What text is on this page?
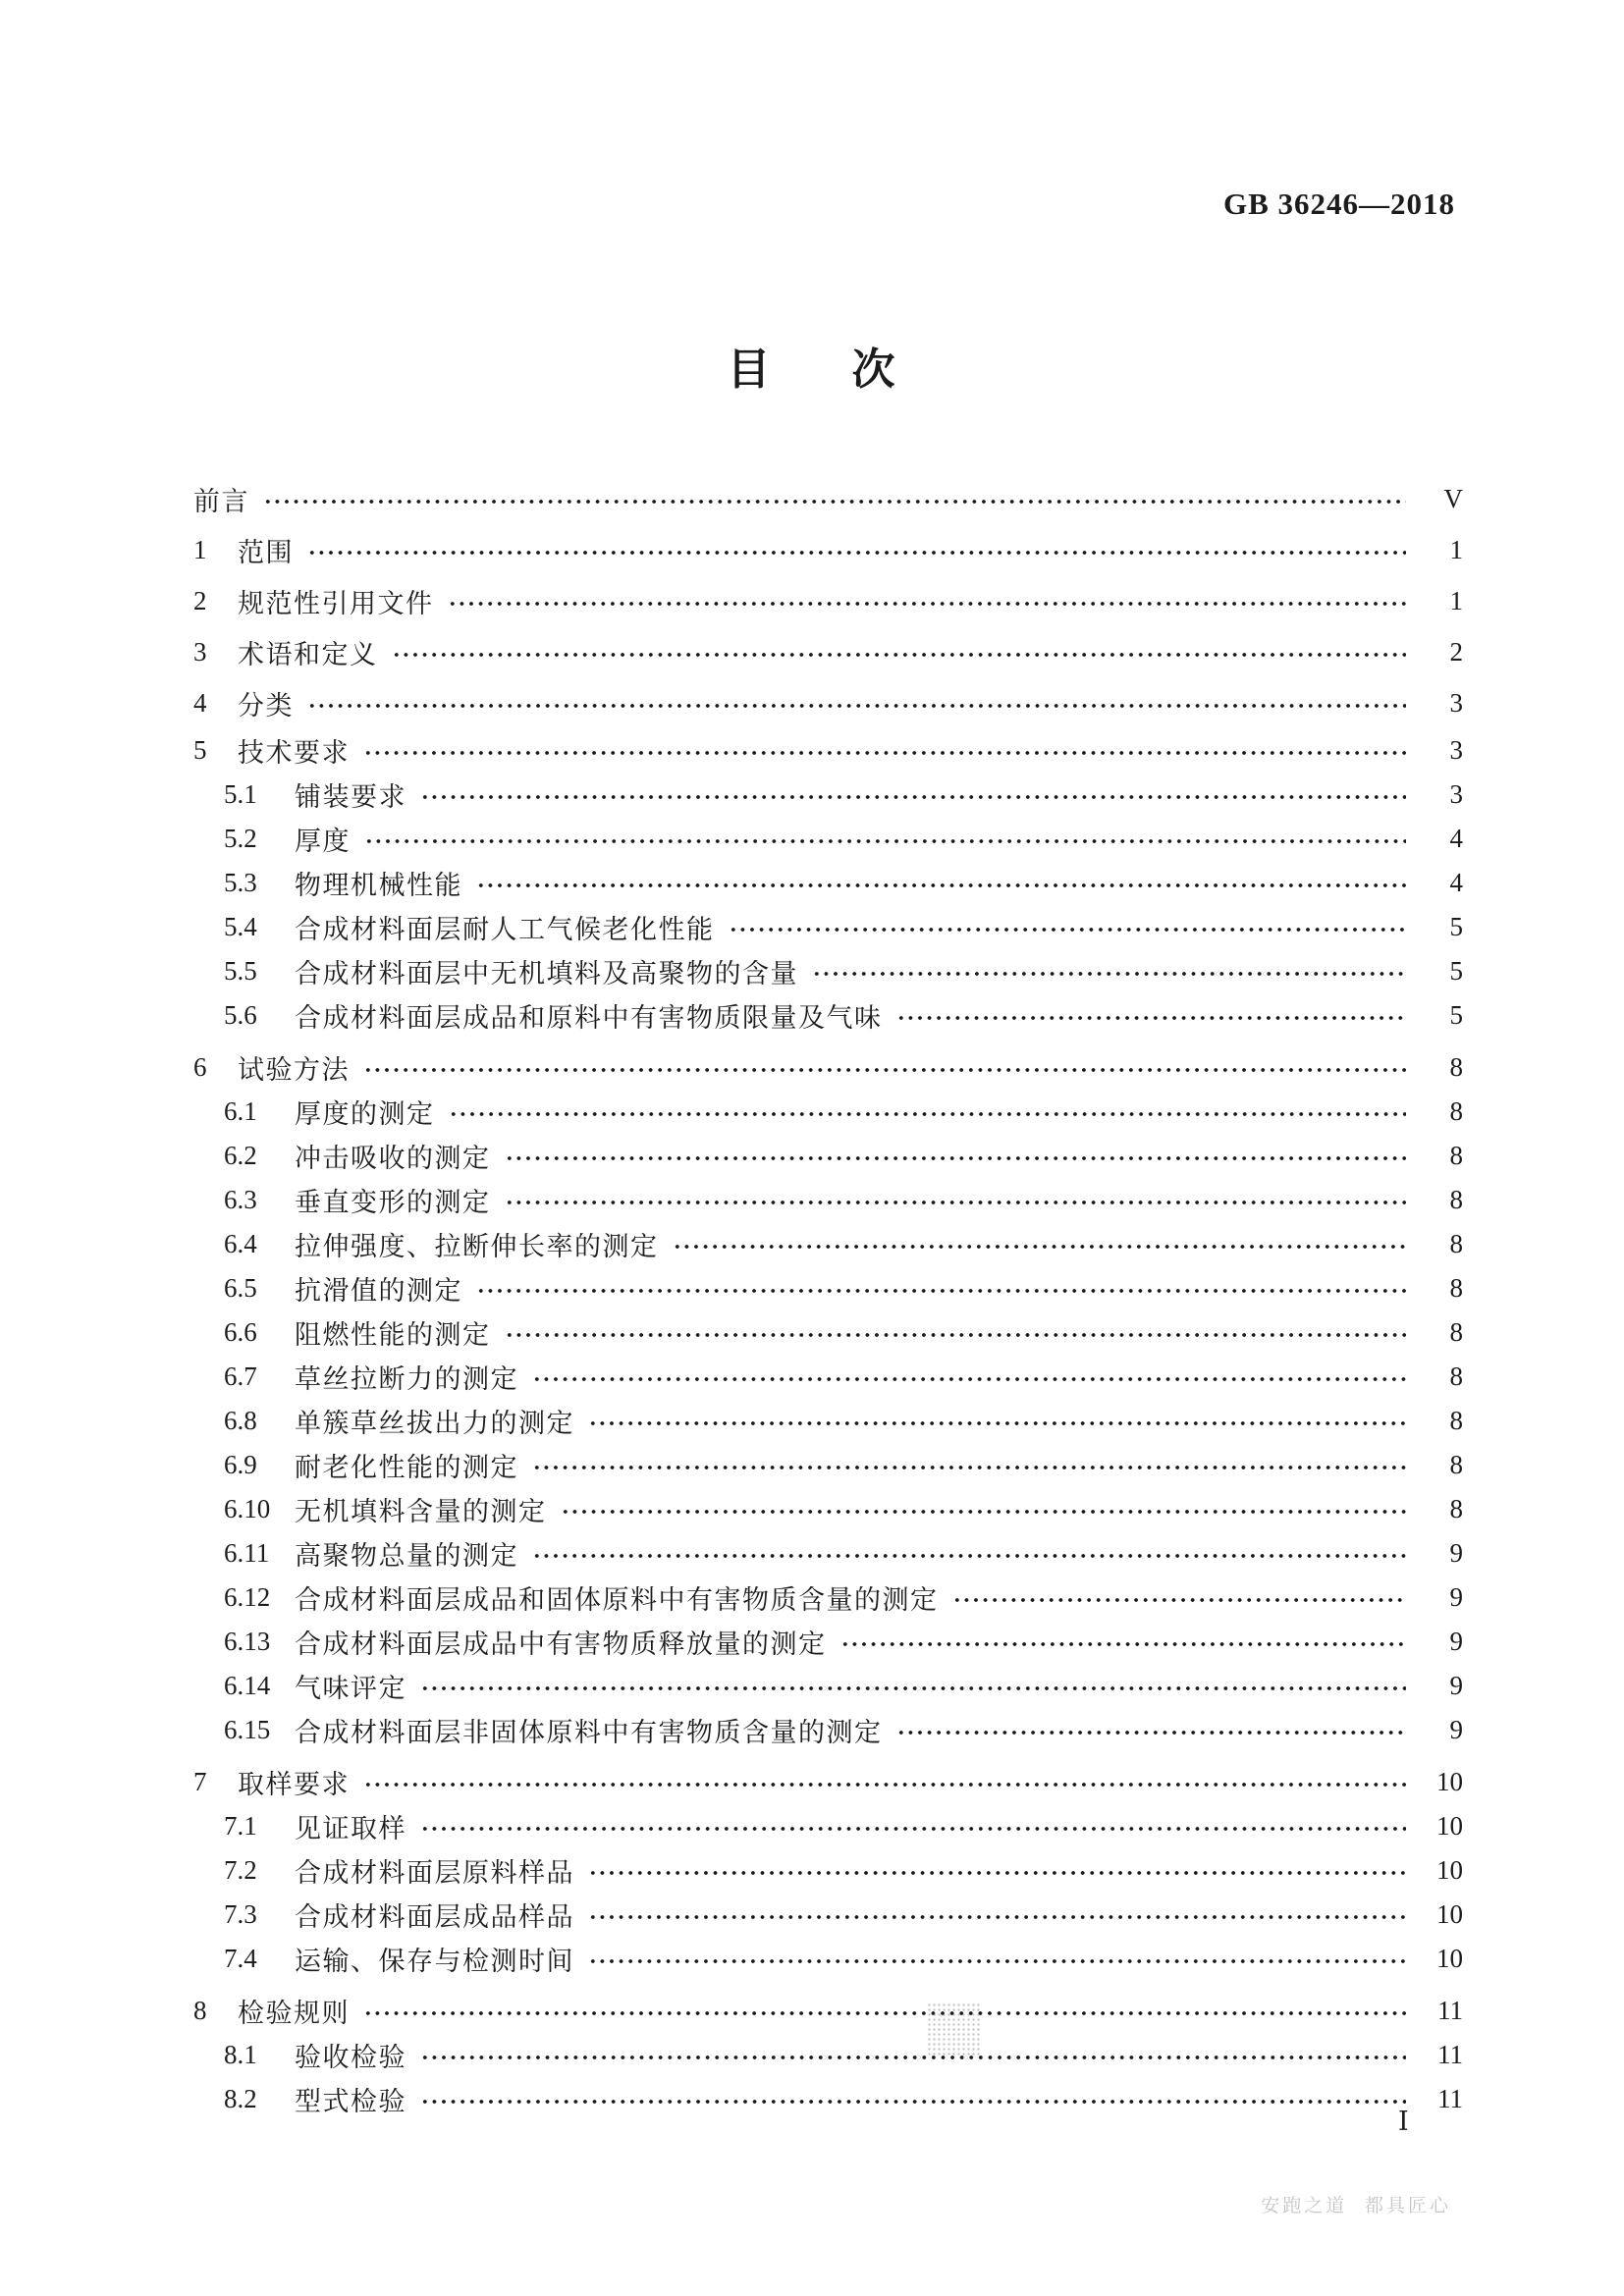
GB 36246—2018
目 次
前言	V
1	范围	1
2	规范性引用文件	1
3	术语和定义	2
4	分类	3
5	技术要求	3
5.1	铺装要求	3
5.2	厚度	4
5.3	物理机械性能	4
5.4	合成材料面层耐人工气候老化性能	5
5.5	合成材料面层中无机填料及高聚物的含量	5
5.6	合成材料面层成品和原料中有害物质限量及气味	5
6	试验方法	8
6.1	厚度的测定	8
6.2	冲击吸收的测定	8
6.3	垂直变形的测定	8
6.4	拉伸强度、拉断伸长率的测定	8
6.5	抗滑值的测定	8
6.6	阻燃性能的测定	8
6.7	草丝拉断力的测定	8
6.8	单簇草丝拔出力的测定	8
6.9	耐老化性能的测定	8
6.10 无机填料含量的测定	8
6.11 高聚物总量的测定	9
6.12 合成材料面层成品和固体原料中有害物质含量的测定	9
6.13 合成材料面层成品中有害物质释放量的测定	9
6.14 气味评定	9
6.15 合成材料面层非固体原料中有害物质含量的测定	9
7	取样要求	10
7.1	见证取样	10
7.2	合成材料面层原料样品	10
7.3	合成材料面层成品样品	10
7.4	运输、保存与检测时间	10
8	检验规则	11
8.1	验收检验	11
8.2	型式检验	11
Ⅰ
安跑之道 都具匠心
